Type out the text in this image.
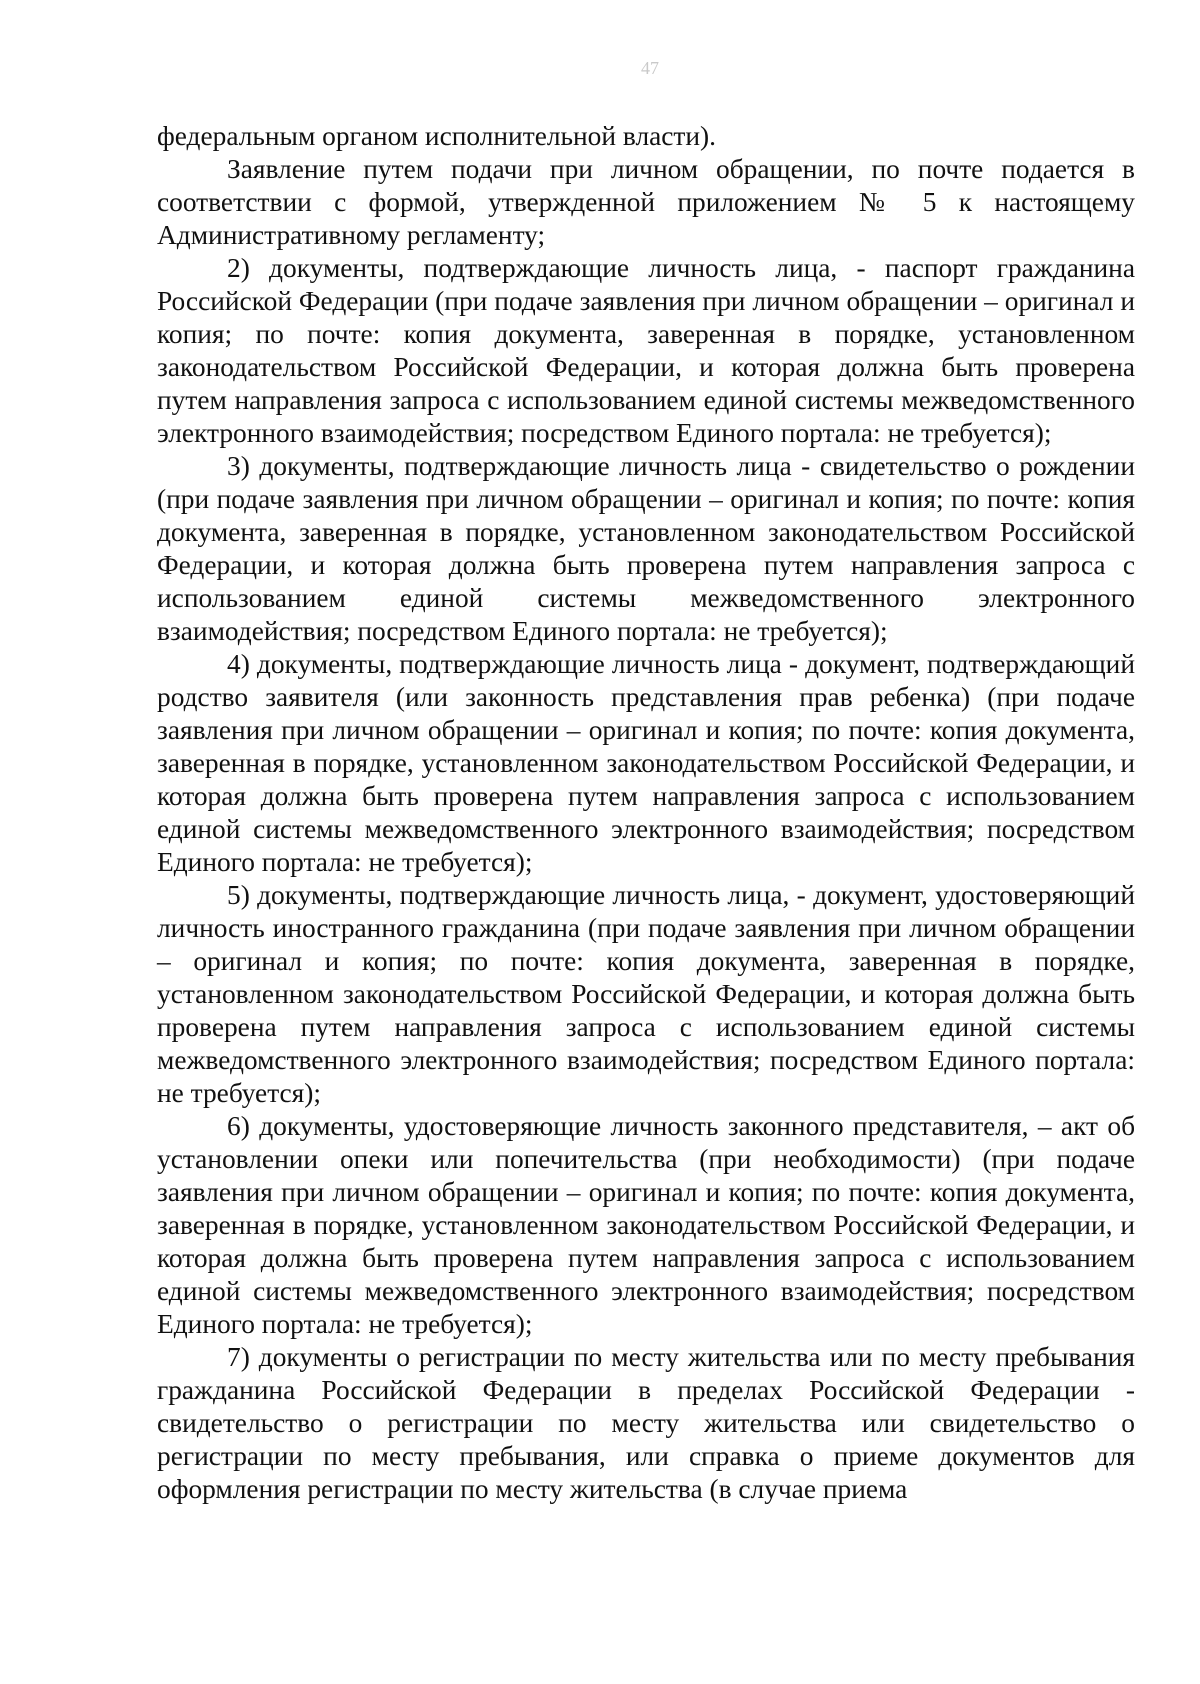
47

федеральным органом исполнительной власти).

Заявление путем подачи при личном обращении, по почте подается в соответствии с формой, утвержденной приложением № 5 к настоящему Административному регламенту;

2) документы, подтверждающие личность лица, - паспорт гражданина Российской Федерации (при подаче заявления при личном обращении – оригинал и копия; по почте: копия документа, заверенная в порядке, установленном законодательством Российской Федерации, и которая должна быть проверена путем направления запроса с использованием единой системы межведомственного электронного взаимодействия; посредством Единого портала: не требуется);

3) документы, подтверждающие личность лица - свидетельство о рождении (при подаче заявления при личном обращении – оригинал и копия; по почте: копия документа, заверенная в порядке, установленном законодательством Российской Федерации, и которая должна быть проверена путем направления запроса с использованием единой системы межведомственного электронного взаимодействия; посредством Единого портала: не требуется);

4) документы, подтверждающие личность лица - документ, подтверждающий родство заявителя (или законность представления прав ребенка) (при подаче заявления при личном обращении – оригинал и копия; по почте: копия документа, заверенная в порядке, установленном законодательством Российской Федерации, и которая должна быть проверена путем направления запроса с использованием единой системы межведомственного электронного взаимодействия; посредством Единого портала: не требуется);

5) документы, подтверждающие личность лица, - документ, удостоверяющий личность иностранного гражданина (при подаче заявления при личном обращении – оригинал и копия; по почте: копия документа, заверенная в порядке, установленном законодательством Российской Федерации, и которая должна быть проверена путем направления запроса с использованием единой системы межведомственного электронного взаимодействия; посредством Единого портала: не требуется);

6) документы, удостоверяющие личность законного представителя, – акт об установлении опеки или попечительства (при необходимости) (при подаче заявления при личном обращении – оригинал и копия; по почте: копия документа, заверенная в порядке, установленном законодательством Российской Федерации, и которая должна быть проверена путем направления запроса с использованием единой системы межведомственного электронного взаимодействия; посредством Единого портала: не требуется);

7) документы о регистрации по месту жительства или по месту пребывания гражданина Российской Федерации в пределах Российской Федерации - свидетельство о регистрации по месту жительства или свидетельство о регистрации по месту пребывания, или справка о приеме документов для оформления регистрации по месту жительства (в случае приема
